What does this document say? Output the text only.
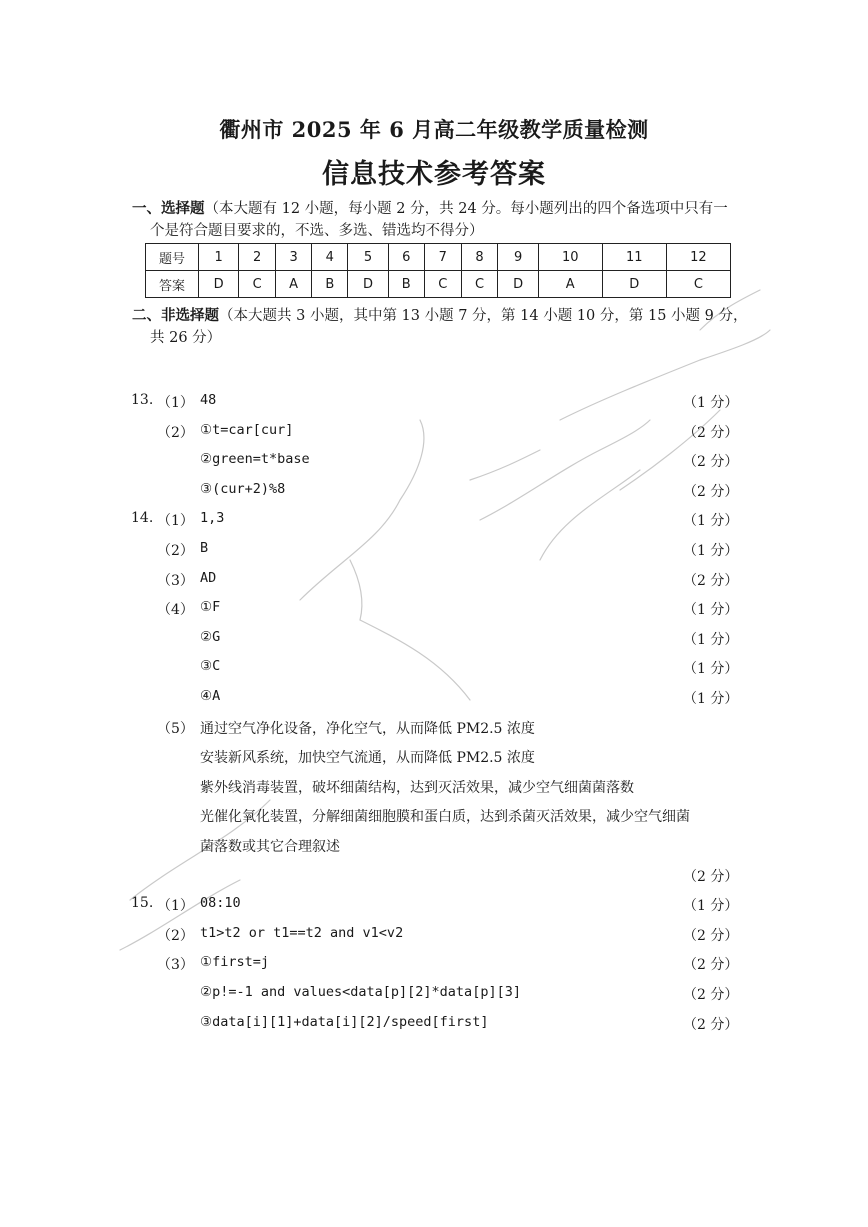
衢州市 2025 年 6 月高二年级教学质量检测
信息技术参考答案
一、选择题（本大题有 12 小题，每小题 2 分，共 24 分。每小题列出的四个备选项中只有一
个是符合题目要求的，不选、多选、错选均不得分）
题号	1	2	3	4	5	6	7	8	9	10	11	12
答案	D	C	A	B	D	B	C	C	D	A	D	C
二、非选择题（本大题共 3 小题，其中第 13 小题 7 分，第 14 小题 10 分，第 15 小题 9 分，
共 26 分）
13. （1） 48	（1 分）
（2） ①t=car[cur]	（2 分）
②green=t*base	（2 分）
③(cur+2)%8	（2 分）
14. （1） 1,3	（1 分）
（2） B	（1 分）
（3） AD	（2 分）
（4） ①F	（1 分）
②G	（1 分）
③C	（1 分）
④A	（1 分）
（5） 通过空气净化设备，净化空气，从而降低 PM2.5 浓度
安装新风系统，加快空气流通，从而降低 PM2.5 浓度
紫外线消毒装置，破坏细菌结构，达到灭活效果，减少空气细菌菌落数
光催化氧化装置，分解细菌细胞膜和蛋白质，达到杀菌灭活效果，减少空气细菌
菌落数或其它合理叙述
（2 分）
15. （1） 08:10	（1 分）
（2） t1>t2 or t1==t2 and v1<v2	（2 分）
（3） ①first=j	（2 分）
②p!=-1 and values<data[p][2]*data[p][3]	（2 分）
③data[i][1]+data[i][2]/speed[first]	（2 分）
